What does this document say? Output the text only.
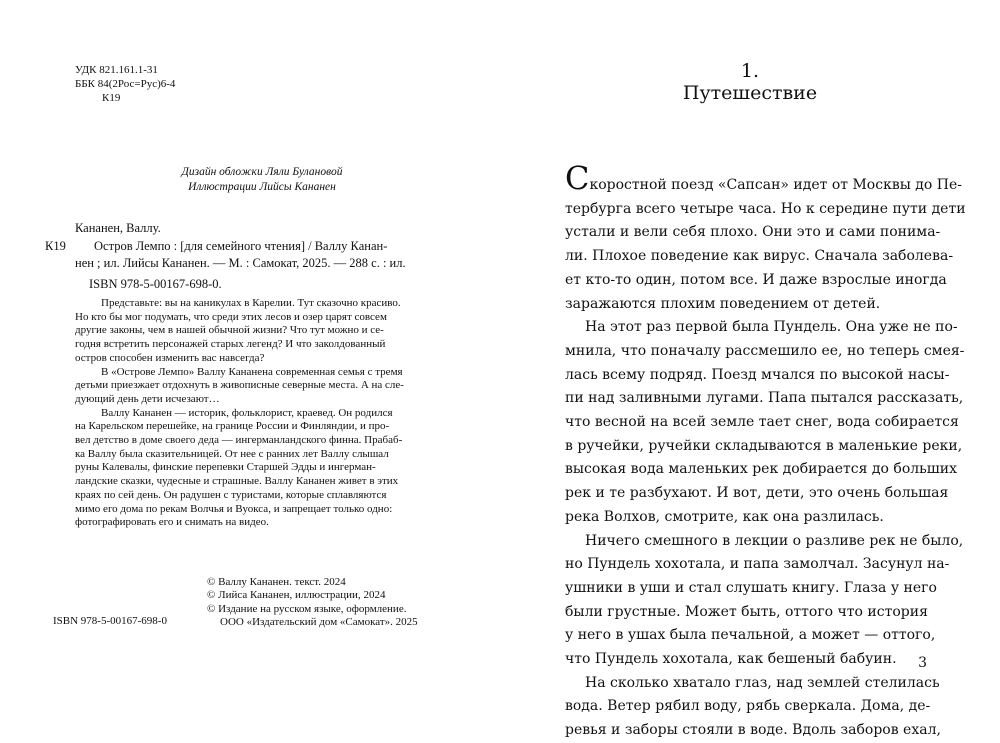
УДК 821.161.1-31
ББК 84(2Рос=Рус)6-4
К19
Дизайн обложки Ляли Булановой
Иллюстрации Лийсы Кананен
Кананен, Валлу.
К19 Остров Лемпо : [для семейного чтения] / Валлу Канан-
нен ; ил. Лийсы Кананен. — М. : Самокат, 2025. — 288 с. : ил.
ISBN 978-5-00167-698-0.

Представьте: вы на каникулах в Карелии. Тут сказочно красиво.

Но кто бы мог подумать, что среди этих лесов и озер царят совсем

другие законы, чем в нашей обычной жизни? Что тут можно и се-

годня встретить персонажей старых легенд? И что заколдованный

остров способен изменить вас навсегда?

В «Острове Лемпо» Валлу Кананена современная семья с тремя

детьми приезжает отдохнуть в живописные северные места. А на сле-

дующий день дети исчезают…

Валлу Кананен — историк, фольклорист, краевед. Он родился

на Карельском перешейке, на границе России и Финляндии, и про-

вел детство в доме своего деда — ингерманландского финна. Прабаб-

ка Валлу была сказительницей. От нее с ранних лет Валлу слышал

руны Калевалы, финские перепевки Старшей Эдды и ингерман-

ландские сказки, чудесные и страшные. Валлу Кананен живет в этих

краях по сей день. Он радушен с туристами, которые сплавляются

мимо его дома по рекам Волчья и Вуокса, и запрещает только одно:

фотографировать его и снимать на видео.

© Валлу Кананен. текст. 2024
© Лийса Кананен, иллюстрации, 2024
© Издание на русском языке, оформление.
ООО «Издательский дом «Самокат». 2025
ISBN 978-5-00167-698-0
1.
Путешествие
Скоростной поезд «Сапсан» идет от Москвы до Пе-
тербурга всего четыре часа. Но к середине пути дети
устали и вели себя плохо. Они это и сами понима-
ли. Плохое поведение как вирус. Сначала заболева-
ет кто-то один, потом все. И даже взрослые иногда
заражаются плохим поведением от детей.
На этот раз первой была Пундель. Она уже не по-
мнила, что поначалу рассмешило ее, но теперь смея-
лась всему подряд. Поезд мчался по высокой насы-
пи над заливными лугами. Папа пытался рассказать,
что весной на всей земле тает снег, вода собирается
в ручейки, ручейки складываются в маленькие реки,
высокая вода маленьких рек добирается до больших
рек и те разбухают. И вот, дети, это очень большая
река Волхов, смотрите, как она разлилась.
Ничего смешного в лекции о разливе рек не было,
но Пундель хохотала, и папа замолчал. Засунул на-
ушники в уши и стал слушать книгу. Глаза у него
были грустные. Может быть, оттого что история
у него в ушах была печальной, а может — оттого,
что Пундель хохотала, как бешеный бабуин.
На сколько хватало глаз, над землей стелилась
вода. Ветер рябил воду, рябь сверкала. Дома, де-
ревья и заборы стояли в воде. Вдоль заборов ехал,
3
